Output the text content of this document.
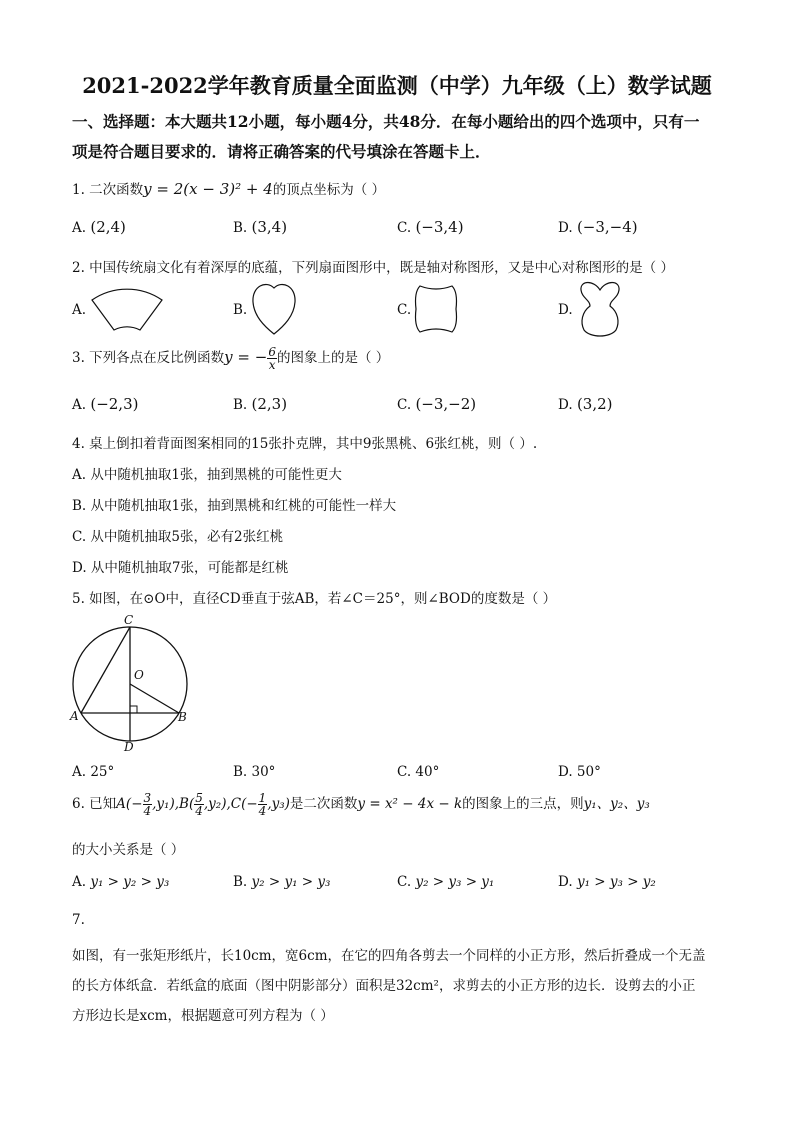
2021-2022学年教育质量全面监测（中学）九年级（上）数学试题
一、选择题：本大题共12小题，每小题4分，共48分．在每小题给出的四个选项中，只有一
项是符合题目要求的．请将正确答案的代号填涂在答题卡上．
1. 二次函数y = 2(x − 3)² + 4的顶点坐标为（ ）
A. (2,4)	B. (3,4)	C. (−3,4)	D. (−3,−4)
2. 中国传统扇文化有着深厚的底蕴，下列扇面图形中，既是轴对称图形，又是中心对称图形的是（ ）
A.	B.	C.	D.
3. 下列各点在反比例函数y = − $\frac{6}{x}$ 的图象上的是（ ）
A. (−2,3)	B. (2,3)	C. (−3,−2)	D. (3,2)
4. 桌上倒扣着背面图案相同的15张扑克牌，其中9张黑桃、6张红桃，则（ ）.
A. 从中随机抽取1张，抽到黑桃的可能性更大
B. 从中随机抽取1张，抽到黑桃和红桃的可能性一样大
C. 从中随机抽取5张，必有2张红桃
D. 从中随机抽取7张，可能都是红桃
5. 如图，在⊙O中，直径CD垂直于弦AB，若∠C＝25°，则∠BOD的度数是（ ）
C
O
A	B
D
A. 25°	B. 30°	C. 40°	D. 50°
6. 已知$A(- \frac{3}{4} ,y_1),B( \frac{5}{4} ,y_2),C(- \frac{1}{4} ,y_3)$是二次函数y = x² − 4x − k的图象上的三点，则y₁、y₂、y₃
的大小关系是（ ）
A. y₁ > y₂ > y₃	B. y₂ > y₁ > y₃	C. y₂ > y₃ > y₁	D. y₁ > y₃ > y₂
7.
如图，有一张矩形纸片，长10cm，宽6cm，在它的四角各剪去一个同样的小正方形，然后折叠成一个无盖
的长方体纸盒．若纸盒的底面（图中阴影部分）面积是32cm²，求剪去的小正方形的边长．设剪去的小正
方形边长是xcm，根据题意可列方程为（ ）
